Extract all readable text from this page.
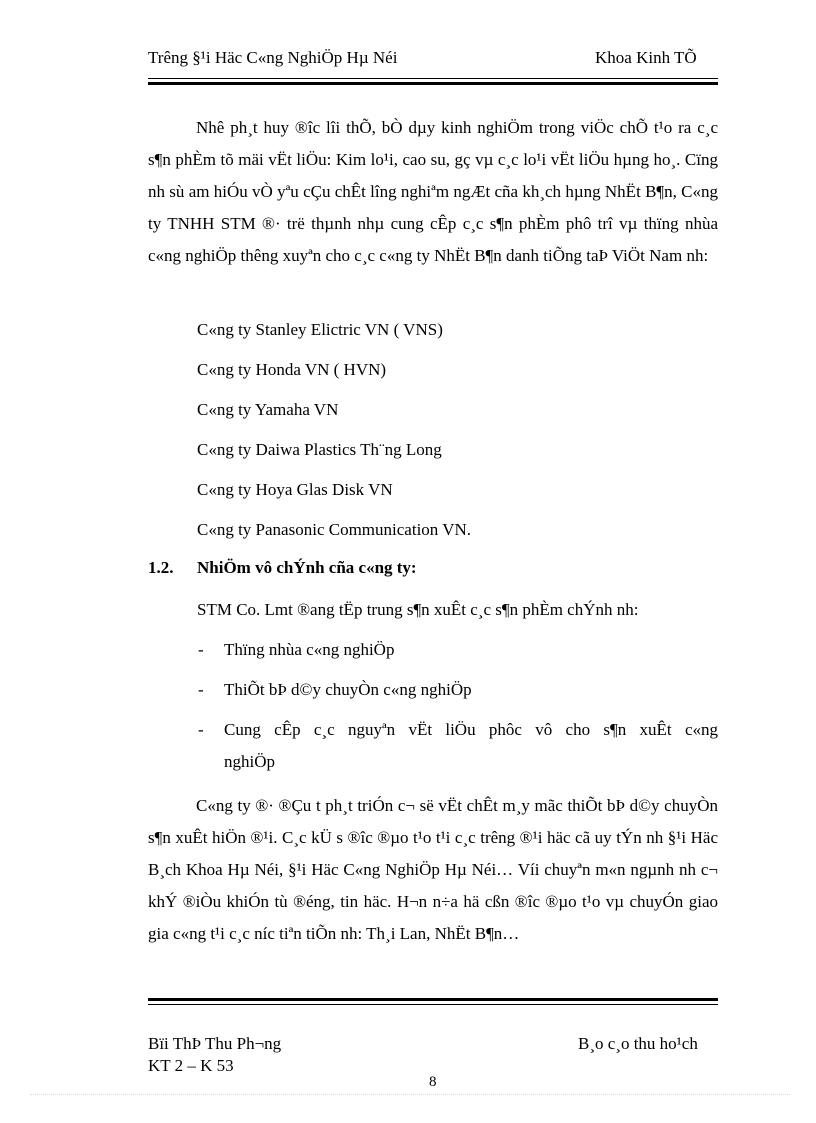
Trêng §¹i Häc C«ng NghiÖp Hµ Néi	Khoa Kinh TÕ

Nhê ph¸t huy ®îc lîi thÕ, bÒ dµy kinh nghiÖm trong viÖc chÕ t¹o ra c¸c s¶n phÈm tõ mäi vËt liÖu: Kim lo¹i, cao su, gç vµ c¸c lo¹i vËt liÖu hµng ho¸. Cïng nh sù am hiÓu vÒ yªu cÇu chÊt lîng nghiªm ngÆt cña kh¸ch hµng NhËt B¶n, C«ng ty TNHH STM ®· trë thµnh nhµ cung cÊp c¸c s¶n phÈm phô trî vµ thïng nhùa c«ng nghiÖp thêng xuyªn cho c¸c c«ng ty NhËt B¶n danh tiÕng taÞ ViÖt Nam nh:

C«ng ty Stanley Elictric VN ( VNS)
C«ng ty Honda VN ( HVN)
C«ng ty Yamaha VN
C«ng ty Daiwa Plastics Th¨ng Long
C«ng ty Hoya Glas Disk VN
C«ng ty Panasonic Communication VN.
1.2. NhiÖm vô chÝnh cña c«ng ty:
STM Co. Lmt ®ang tËp trung s¶n xuÊt c¸c s¶n phÈm chÝnh nh:
- Thïng nhùa c«ng nghiÖp
- ThiÕt bÞ d©y chuyÒn c«ng nghiÖp
- Cung cÊp c¸c nguyªn vËt liÖu phôc vô cho s¶n xuÊt c«ng
nghiÖp

C«ng ty ®· ®Çu t ph¸t triÓn c¬ së vËt chÊt m¸y mãc thiÕt bÞ d©y chuyÒn s¶n xuÊt hiÖn ®¹i. C¸c kÜ s ®îc ®µo t¹o t¹i c¸c trêng ®¹i häc cã uy tÝn nh §¹i Häc B¸ch Khoa Hµ Néi, §¹i Häc C«ng NghiÖp Hµ Néi… Víi chuyªn m«n ngµnh nh c¬ khÝ ®iÒu khiÓn tù ®éng, tin häc. H¬n n÷a hä cßn ®îc ®µo t¹o vµ chuyÓn giao gia c«ng t¹i c¸c níc tiªn tiÕn nh: Th¸i Lan, NhËt B¶n…

Bïi ThÞ Thu Ph¬ng
KT 2 – K 53
B¸o c¸o thu ho¹ch
8
